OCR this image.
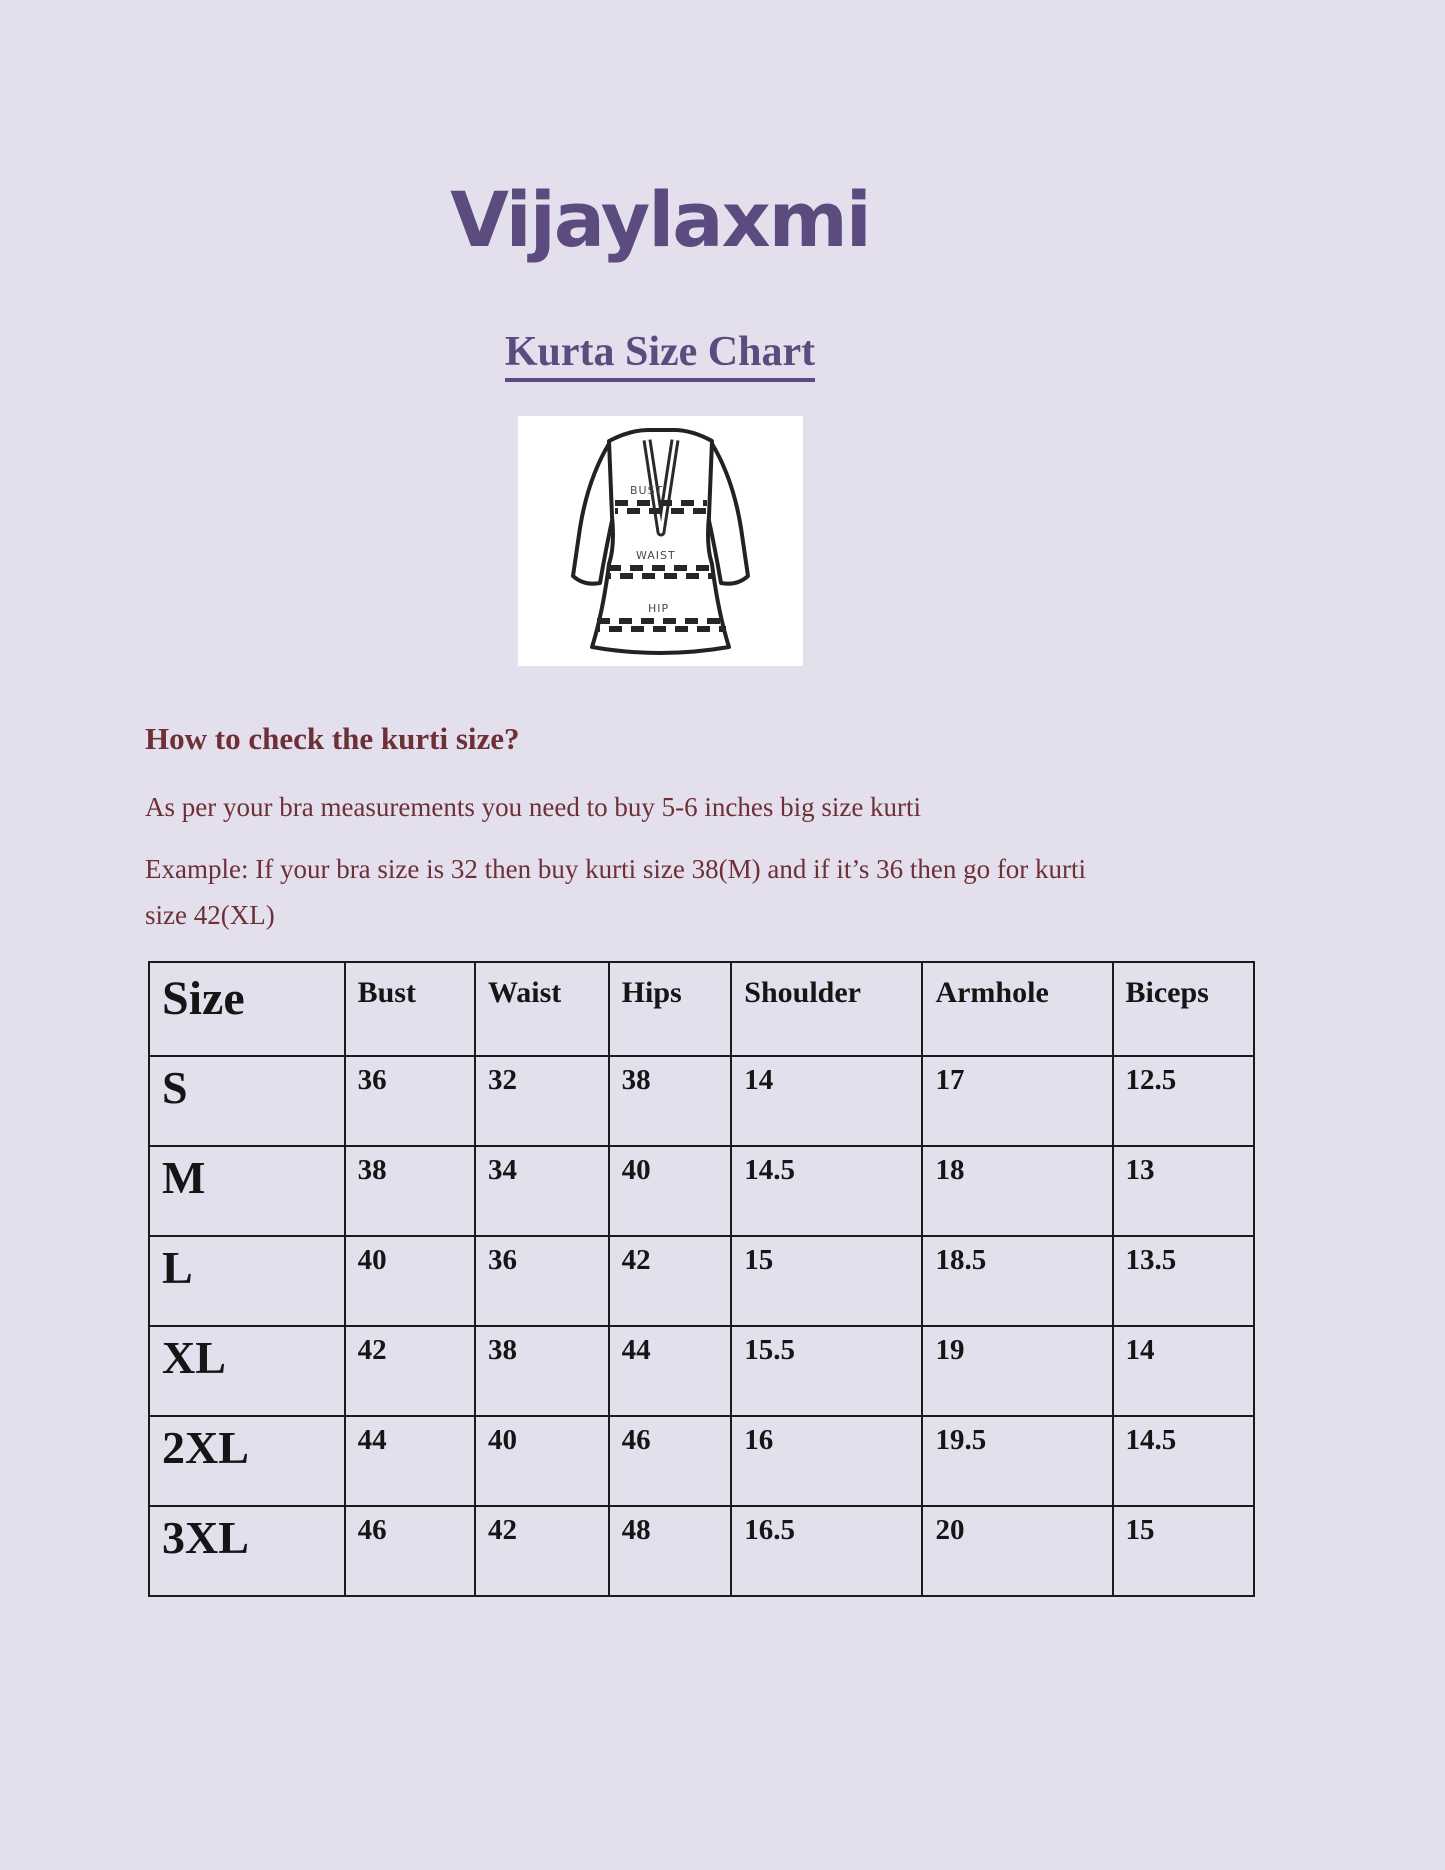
Vijaylaxmi
Kurta Size Chart
BUST
WAIST
HIP
How to check the kurti size?

As per your bra measurements you need to buy 5-6 inches big size kurti

Example: If your bra size is 32 then buy kurti size 38(M) and if it’s 36 then go for kurti size 42(XL)

Size	Bust	Waist	Hips	Shoulder	Armhole	Biceps
S	36	32	38	14	17	12.5
M	38	34	40	14.5	18	13
L	40	36	42	15	18.5	13.5
XL	42	38	44	15.5	19	14
2XL	44	40	46	16	19.5	14.5
3XL	46	42	48	16.5	20	15
